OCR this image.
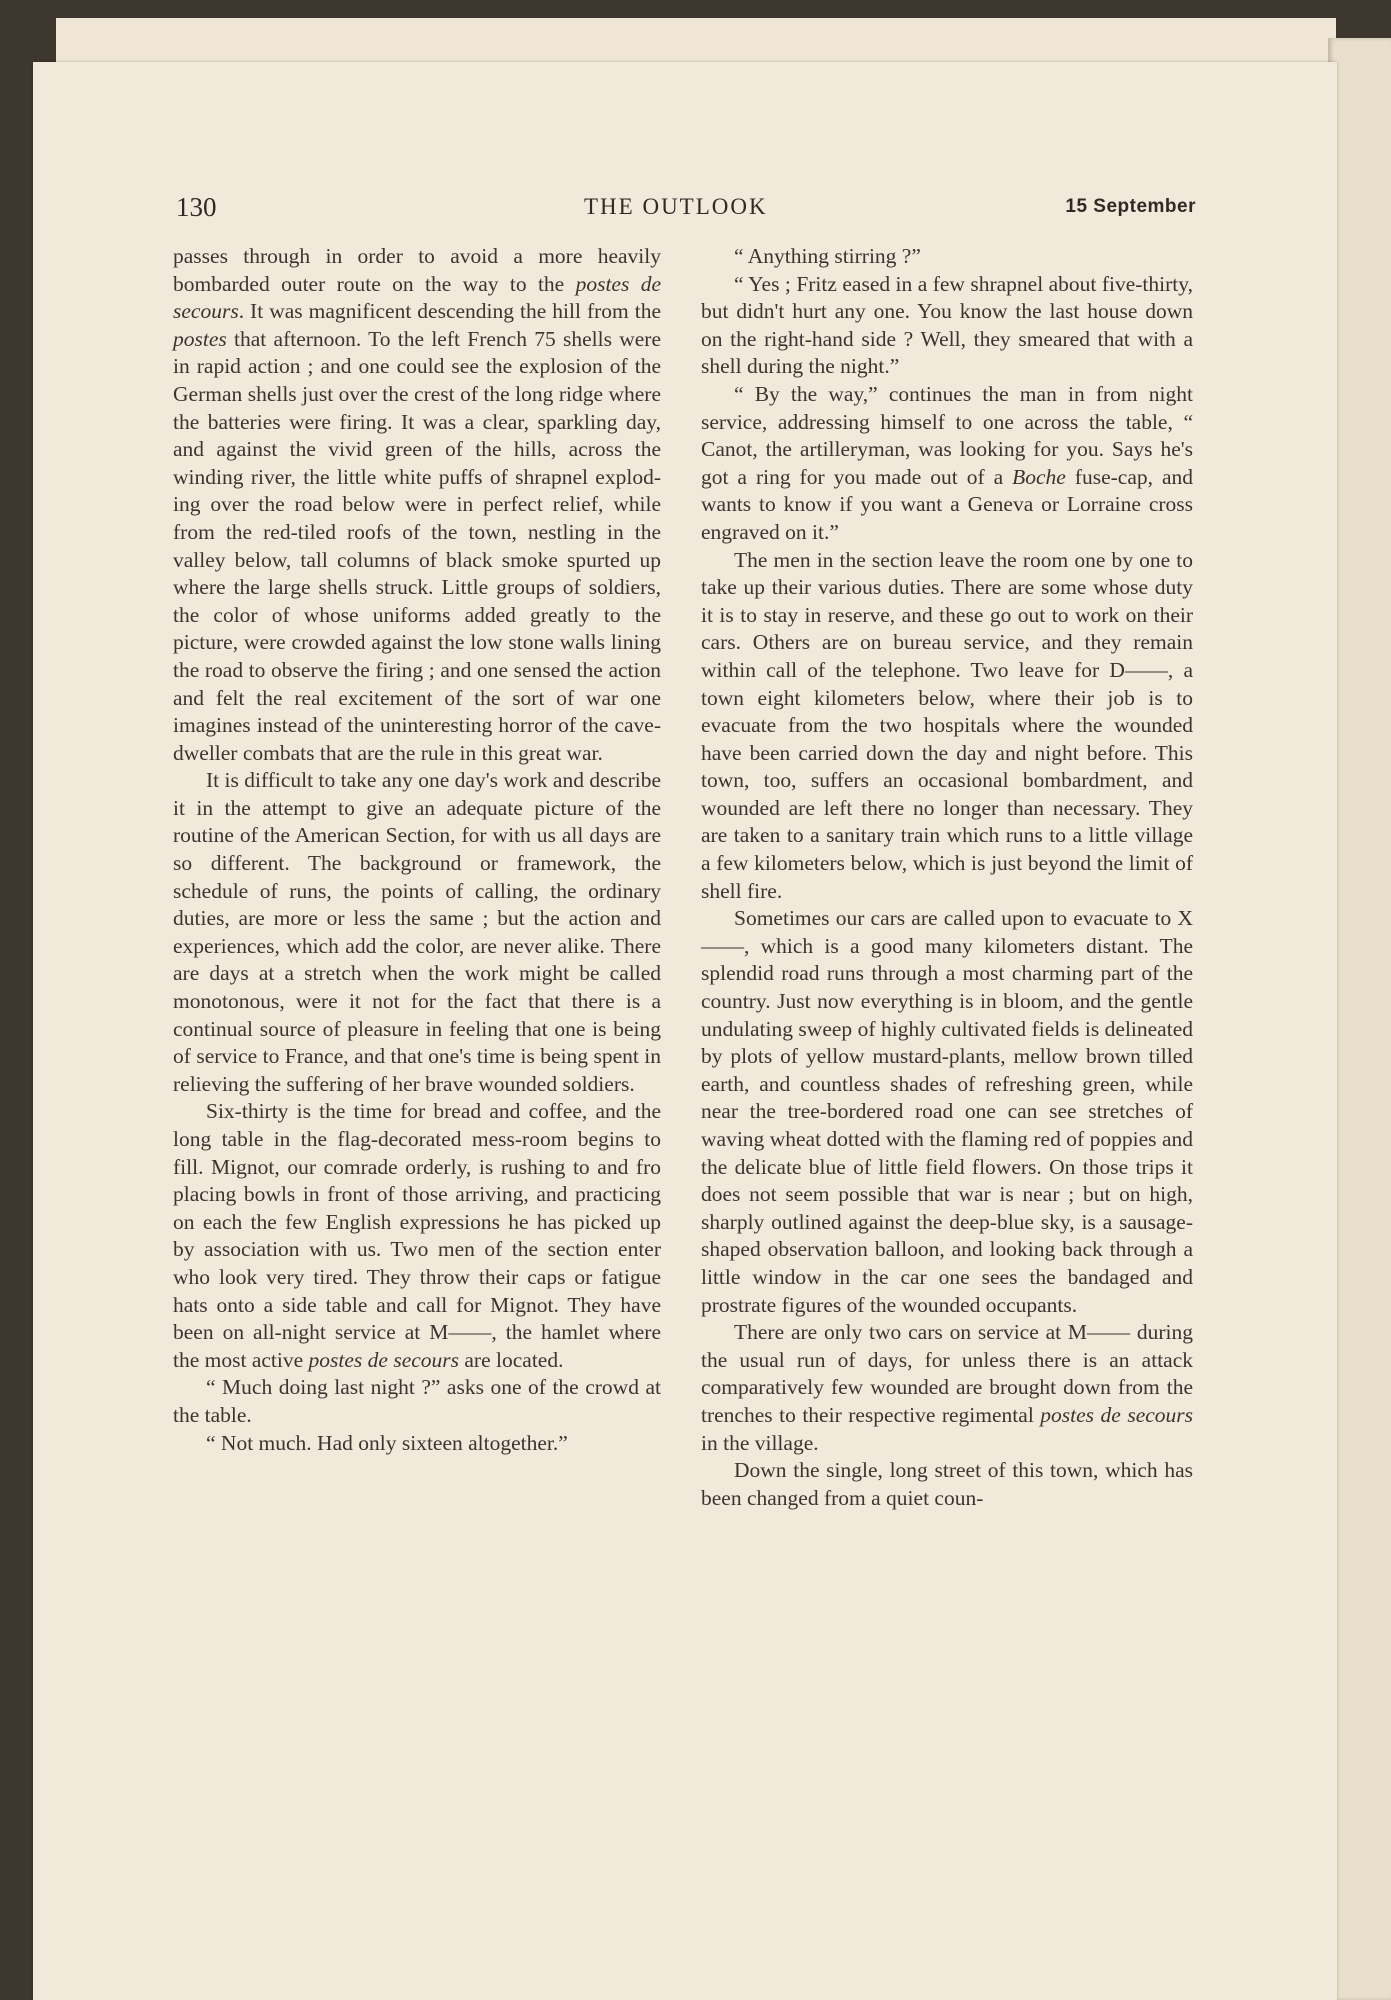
130	THE OUTLOOK	15 September

passes through in order to avoid a more heavily bombarded outer route on the way to the postes de secours. It was magnificent descending the hill from the postes that afternoon. To the left French 75 shells were in rapid action ; and one could see the explosion of the German shells just over the crest of the long ridge where the batteries were firing. It was a clear, sparkling day, and against the vivid green of the hills, across the winding river, the little white puffs of shrapnel exploding over the road below were in perfect relief, while from the red-tiled roofs of the town, nestling in the valley below, tall columns of black smoke spurted up where the large shells struck. Little groups of soldiers, the color of whose uniforms added greatly to the picture, were crowded against the low stone walls lining the road to observe the firing ; and one sensed the action and felt the real excitement of the sort of war one imagines instead of the uninteresting horror of the cave-dweller combats that are the rule in this great war.

It is difficult to take any one day's work and describe it in the attempt to give an adequate picture of the routine of the American Section, for with us all days are so different. The background or framework, the schedule of runs, the points of calling, the ordinary duties, are more or less the same ; but the action and experiences, which add the color, are never alike. There are days at a stretch when the work might be called monotonous, were it not for the fact that there is a continual source of pleasure in feeling that one is being of service to France, and that one's time is being spent in relieving the suffering of her brave wounded soldiers.

Six-thirty is the time for bread and coffee, and the long table in the flag-decorated mess-room begins to fill. Mignot, our comrade orderly, is rushing to and fro placing bowls in front of those arriving, and practicing on each the few English expressions he has picked up by association with us. Two men of the section enter who look very tired. They throw their caps or fatigue hats onto a side table and call for Mignot. They have been on all-night service at M——, the hamlet where the most active postes de secours are located.

“ Much doing last night ?” asks one of the crowd at the table.

“ Not much. Had only sixteen altogether.”

“ Anything stirring ?”

“ Yes ; Fritz eased in a few shrapnel about five-thirty, but didn't hurt any one. You know the last house down on the right-hand side ? Well, they smeared that with a shell during the night.”

“ By the way,” continues the man in from night service, addressing himself to one across the table, “ Canot, the artilleryman, was looking for you. Says he's got a ring for you made out of a Boche fuse-cap, and wants to know if you want a Geneva or Lorraine cross engraved on it.”

The men in the section leave the room one by one to take up their various duties. There are some whose duty it is to stay in reserve, and these go out to work on their cars. Others are on bureau service, and they remain within call of the telephone. Two leave for D——, a town eight kilometers below, where their job is to evacuate from the two hospitals where the wounded have been carried down the day and night before. This town, too, suffers an occasional bombardment, and wounded are left there no longer than necessary. They are taken to a sanitary train which runs to a little village a few kilometers below, which is just beyond the limit of shell fire.

Sometimes our cars are called upon to evacuate to X——, which is a good many kilometers distant. The splendid road runs through a most charming part of the country. Just now everything is in bloom, and the gentle undulating sweep of highly cultivated fields is delineated by plots of yellow mustard-plants, mellow brown tilled earth, and countless shades of refreshing green, while near the tree-bordered road one can see stretches of waving wheat dotted with the flaming red of poppies and the delicate blue of little field flowers. On those trips it does not seem possible that war is near ; but on high, sharply outlined against the deep-blue sky, is a sausage-shaped observation balloon, and looking back through a little window in the car one sees the bandaged and prostrate figures of the wounded occupants.

There are only two cars on service at M—— during the usual run of days, for unless there is an attack comparatively few wounded are brought down from the trenches to their respective regimental postes de secours in the village.

Down the single, long street of this town, which has been changed from a quiet coun-
